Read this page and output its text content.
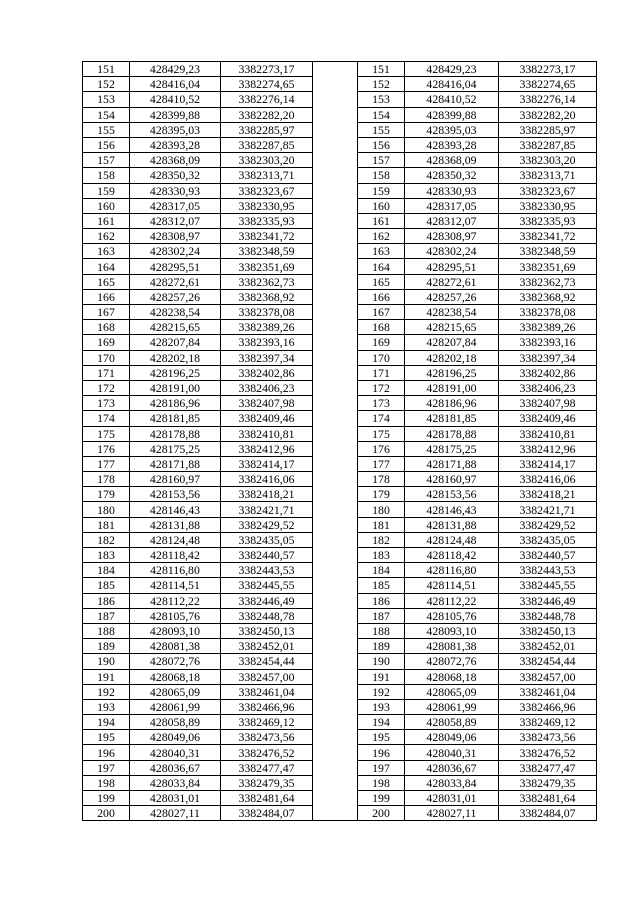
151	428429,23	3382273,17		151	428429,23	3382273,17
152	428416,04	3382274,65		152	428416,04	3382274,65
153	428410,52	3382276,14		153	428410,52	3382276,14
154	428399,88	3382282,20		154	428399,88	3382282,20
155	428395,03	3382285,97		155	428395,03	3382285,97
156	428393,28	3382287,85		156	428393,28	3382287,85
157	428368,09	3382303,20		157	428368,09	3382303,20
158	428350,32	3382313,71		158	428350,32	3382313,71
159	428330,93	3382323,67		159	428330,93	3382323,67
160	428317,05	3382330,95		160	428317,05	3382330,95
161	428312,07	3382335,93		161	428312,07	3382335,93
162	428308,97	3382341,72		162	428308,97	3382341,72
163	428302,24	3382348,59		163	428302,24	3382348,59
164	428295,51	3382351,69		164	428295,51	3382351,69
165	428272,61	3382362,73		165	428272,61	3382362,73
166	428257,26	3382368,92		166	428257,26	3382368,92
167	428238,54	3382378,08		167	428238,54	3382378,08
168	428215,65	3382389,26		168	428215,65	3382389,26
169	428207,84	3382393,16		169	428207,84	3382393,16
170	428202,18	3382397,34		170	428202,18	3382397,34
171	428196,25	3382402,86		171	428196,25	3382402,86
172	428191,00	3382406,23		172	428191,00	3382406,23
173	428186,96	3382407,98		173	428186,96	3382407,98
174	428181,85	3382409,46		174	428181,85	3382409,46
175	428178,88	3382410,81		175	428178,88	3382410,81
176	428175,25	3382412,96		176	428175,25	3382412,96
177	428171,88	3382414,17		177	428171,88	3382414,17
178	428160,97	3382416,06		178	428160,97	3382416,06
179	428153,56	3382418,21		179	428153,56	3382418,21
180	428146,43	3382421,71		180	428146,43	3382421,71
181	428131,88	3382429,52		181	428131,88	3382429,52
182	428124,48	3382435,05		182	428124,48	3382435,05
183	428118,42	3382440,57		183	428118,42	3382440,57
184	428116,80	3382443,53		184	428116,80	3382443,53
185	428114,51	3382445,55		185	428114,51	3382445,55
186	428112,22	3382446,49		186	428112,22	3382446,49
187	428105,76	3382448,78		187	428105,76	3382448,78
188	428093,10	3382450,13		188	428093,10	3382450,13
189	428081,38	3382452,01		189	428081,38	3382452,01
190	428072,76	3382454,44		190	428072,76	3382454,44
191	428068,18	3382457,00		191	428068,18	3382457,00
192	428065,09	3382461,04		192	428065,09	3382461,04
193	428061,99	3382466,96		193	428061,99	3382466,96
194	428058,89	3382469,12		194	428058,89	3382469,12
195	428049,06	3382473,56		195	428049,06	3382473,56
196	428040,31	3382476,52		196	428040,31	3382476,52
197	428036,67	3382477,47		197	428036,67	3382477,47
198	428033,84	3382479,35		198	428033,84	3382479,35
199	428031,01	3382481,64		199	428031,01	3382481,64
200	428027,11	3382484,07		200	428027,11	3382484,07
